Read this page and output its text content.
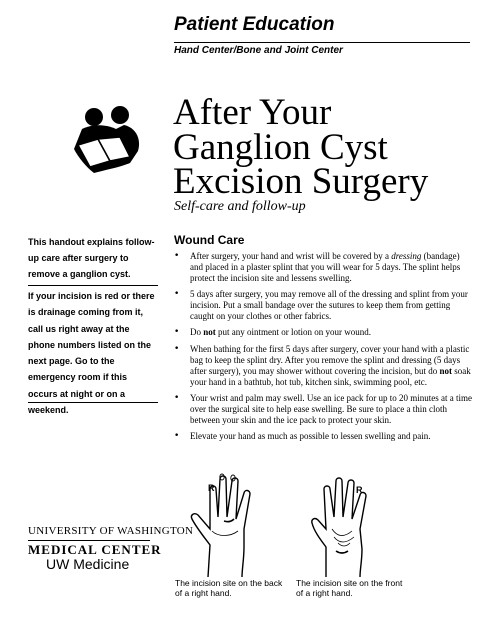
Patient Education
Hand Center/Bone and Joint Center
After Your
Ganglion Cyst
Excision Surgery
Self-care and follow-up
This handout explains follow-up care after surgery to remove a ganglion cyst.
If your incision is red or there is drainage coming from it, call us right away at the phone numbers listed on the next page. Go to the emergency room if this occurs at night or on a weekend.
Wound Care
• After surgery, your hand and wrist will be covered by a dressing (bandage) and placed in a plaster splint that you will wear for 5 days. The splint helps protect the incision site and lessens swelling.
• 5 days after surgery, you may remove all of the dressing and splint from your incision. Put a small bandage over the sutures to keep them from getting caught on your clothes or other fabrics.
• Do not put any ointment or lotion on your wound.
• When bathing for the first 5 days after surgery, cover your hand with a plastic bag to keep the splint dry. After you remove the splint and dressing (5 days after surgery), you may shower without covering the incision, but do not soak your hand in a bathtub, hot tub, kitchen sink, swimming pool, etc.
• Your wrist and palm may swell. Use an ice pack for up to 20 minutes at a time over the surgical site to help ease swelling. Be sure to place a thin cloth between your skin and the ice pack to protect your skin.
• Elevate your hand as much as possible to lessen swelling and pain.
R	R
The incision site on the back of a right hand.
The incision site on the front of a right hand.
UNIVERSITY OF WASHINGTON
MEDICAL CENTER
UW Medicine
